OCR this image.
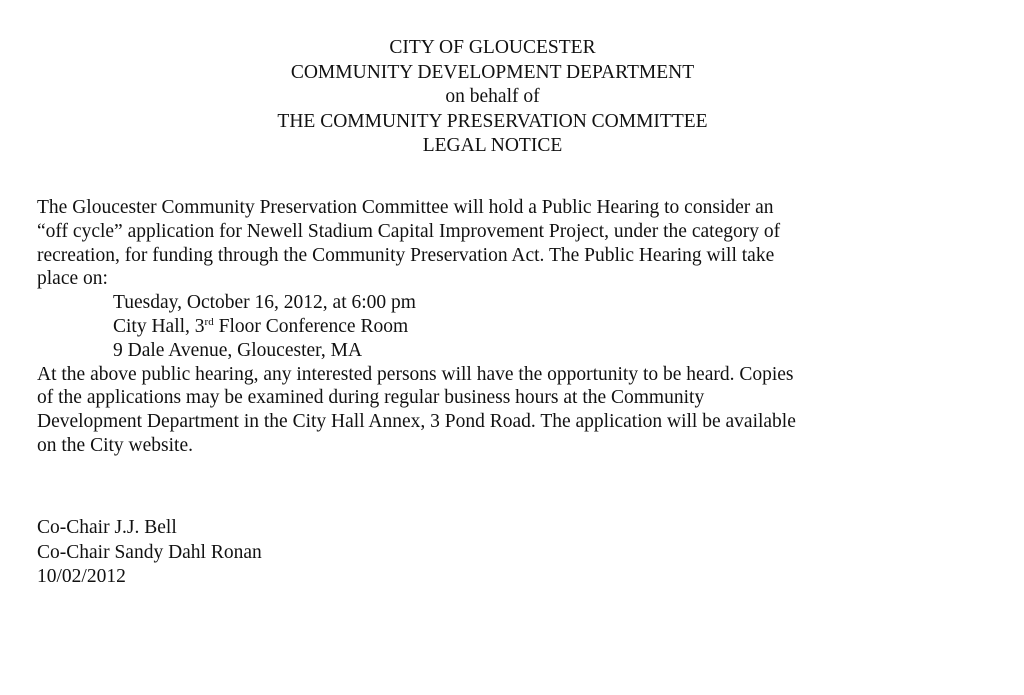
CITY OF GLOUCESTER
COMMUNITY DEVELOPMENT DEPARTMENT
on behalf of
THE COMMUNITY PRESERVATION COMMITTEE
LEGAL NOTICE
The Gloucester Community Preservation Committee will hold a Public Hearing to consider an
“off cycle” application for Newell Stadium Capital Improvement Project, under the category of
recreation, for funding through the Community Preservation Act. The Public Hearing will take
place on:
Tuesday, October 16, 2012, at 6:00 pm
City Hall, 3rd Floor Conference Room
9 Dale Avenue, Gloucester, MA
At the above public hearing, any interested persons will have the opportunity to be heard. Copies
of the applications may be examined during regular business hours at the Community
Development Department in the City Hall Annex, 3 Pond Road. The application will be available
on the City website.
Co-Chair J.J. Bell
Co-Chair Sandy Dahl Ronan
10/02/2012
